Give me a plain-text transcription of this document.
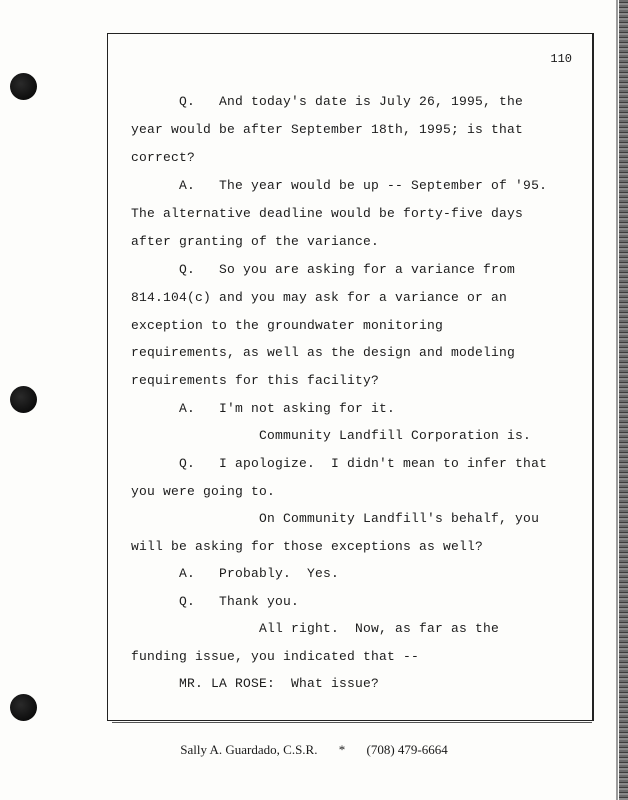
110
Q.   And today's date is July 26, 1995, the
year would be after September 18th, 1995; is that
correct?
A.   The year would be up -- September of '95.
The alternative deadline would be forty-five days
after granting of the variance.
Q.   So you are asking for a variance from
814.104(c) and you may ask for a variance or an
exception to the groundwater monitoring
requirements, as well as the design and modeling
requirements for this facility?
A.   I'm not asking for it.
Community Landfill Corporation is.
Q.   I apologize.  I didn't mean to infer that
you were going to.
On Community Landfill's behalf, you
will be asking for those exceptions as well?
A.   Probably.  Yes.
Q.   Thank you.
All right.  Now, as far as the
funding issue, you indicated that --
MR. LA ROSE:  What issue?
Sally A. Guardado, C.S.R. * (708) 479-6664
